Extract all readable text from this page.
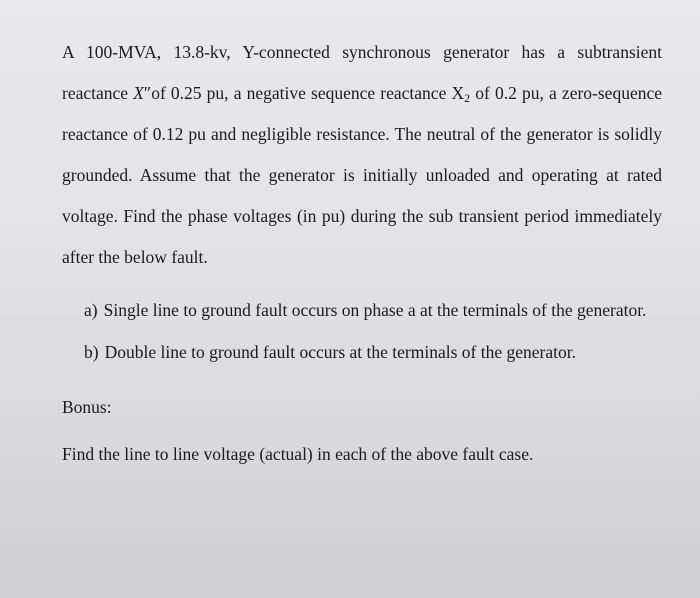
A 100-MVA, 13.8-kv, Y-connected synchronous generator has a subtransient
reactance X″of 0.25 pu, a negative sequence reactance $X_2$ of 0.2 pu, a zero-sequence
reactance of 0.12 pu and negligible resistance. The neutral of the generator is solidly
grounded. Assume that the generator is initially unloaded and operating at rated
voltage. Find the phase voltages (in pu) during the sub transient period immediately
after the below fault.

a) Single line to ground fault occurs on phase a at the terminals of the generator.

b) Double line to ground fault occurs at the terminals of the generator.

Bonus:

Find the line to line voltage (actual) in each of the above fault case.
